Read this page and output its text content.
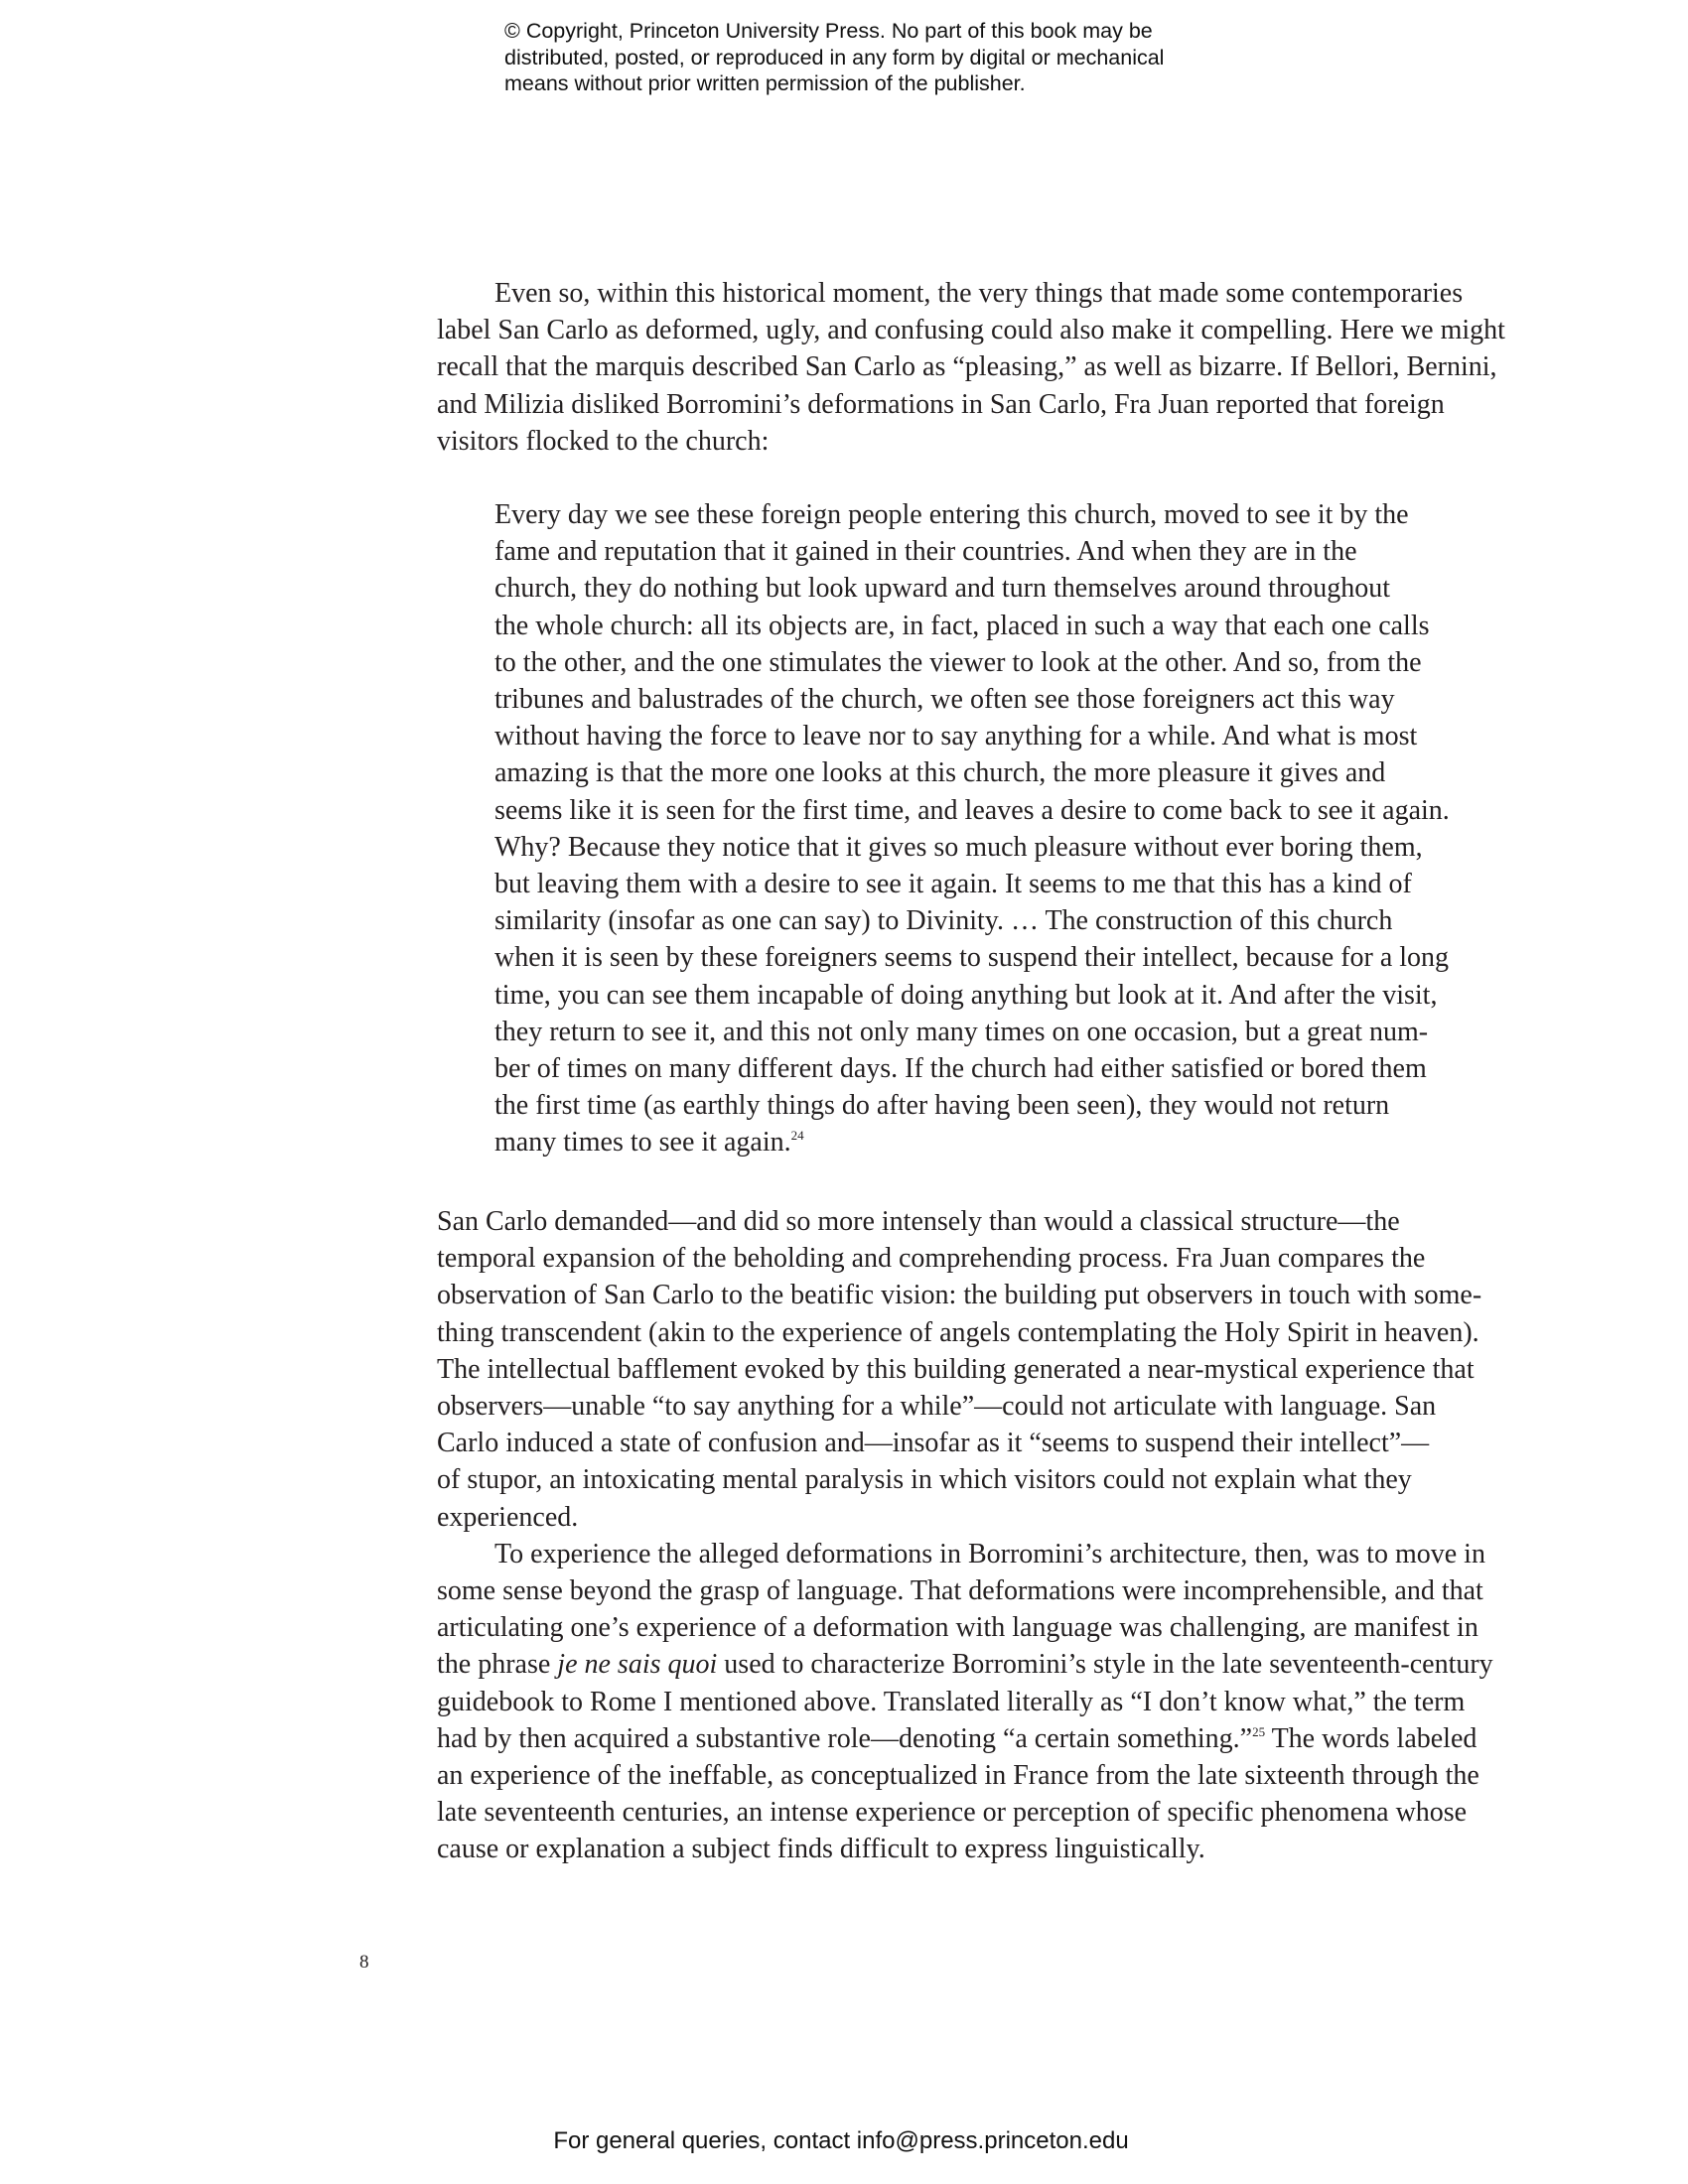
© Copyright, Princeton University Press. No part of this book may be
distributed, posted, or reproduced in any form by digital or mechanical
means without prior written permission of the publisher.
Even so, within this historical moment, the very things that made some contemporaries
label San Carlo as deformed, ugly, and confusing could also make it compelling. Here we might
recall that the marquis described San Carlo as “pleasing,” as well as bizarre. If Bellori, Bernini,
and Milizia disliked Borromini’s deformations in San Carlo, Fra Juan reported that foreign
visitors flocked to the church:
Every day we see these foreign people entering this church, moved to see it by the
fame and reputation that it gained in their countries. And when they are in the
church, they do nothing but look upward and turn themselves around throughout
the whole church: all its objects are, in fact, placed in such a way that each one calls
to the other, and the one stimulates the viewer to look at the other. And so, from the
tribunes and balustrades of the church, we often see those foreigners act this way
without having the force to leave nor to say anything for a while. And what is most
amazing is that the more one looks at this church, the more pleasure it gives and
seems like it is seen for the first time, and leaves a desire to come back to see it again.
Why? Because they notice that it gives so much pleasure without ever boring them,
but leaving them with a desire to see it again. It seems to me that this has a kind of
similarity (insofar as one can say) to Divinity. … The construction of this church
when it is seen by these foreigners seems to suspend their intellect, because for a long
time, you can see them incapable of doing anything but look at it. And after the visit,
they return to see it, and this not only many times on one occasion, but a great num-
ber of times on many different days. If the church had either satisfied or bored them
the first time (as earthly things do after having been seen), they would not return
many times to see it again.$^{24}$
San Carlo demanded—and did so more intensely than would a classical structure—the
temporal expansion of the beholding and comprehending process. Fra Juan compares the
observation of San Carlo to the beatific vision: the building put observers in touch with some-
thing transcendent (akin to the experience of angels contemplating the Holy Spirit in heaven).
The intellectual bafflement evoked by this building generated a near-mystical experience that
observers—unable “to say anything for a while”—could not articulate with language. San
Carlo induced a state of confusion and—insofar as it “seems to suspend their intellect”—
of stupor, an intoxicating mental paralysis in which visitors could not explain what they
experienced.
To experience the alleged deformations in Borromini’s architecture, then, was to move in
some sense beyond the grasp of language. That deformations were incomprehensible, and that
articulating one’s experience of a deformation with language was challenging, are manifest in
the phrase je ne sais quoi used to characterize Borromini’s style in the late seventeenth-century
guidebook to Rome I mentioned above. Translated literally as “I don’t know what,” the term
had by then acquired a substantive role—denoting “a certain something.”$^{25}$ The words labeled
an experience of the ineffable, as conceptualized in France from the late sixteenth through the
late seventeenth centuries, an intense experience or perception of specific phenomena whose
cause or explanation a subject finds difficult to express linguistically.
8
For general queries, contact info@press.princeton.edu
